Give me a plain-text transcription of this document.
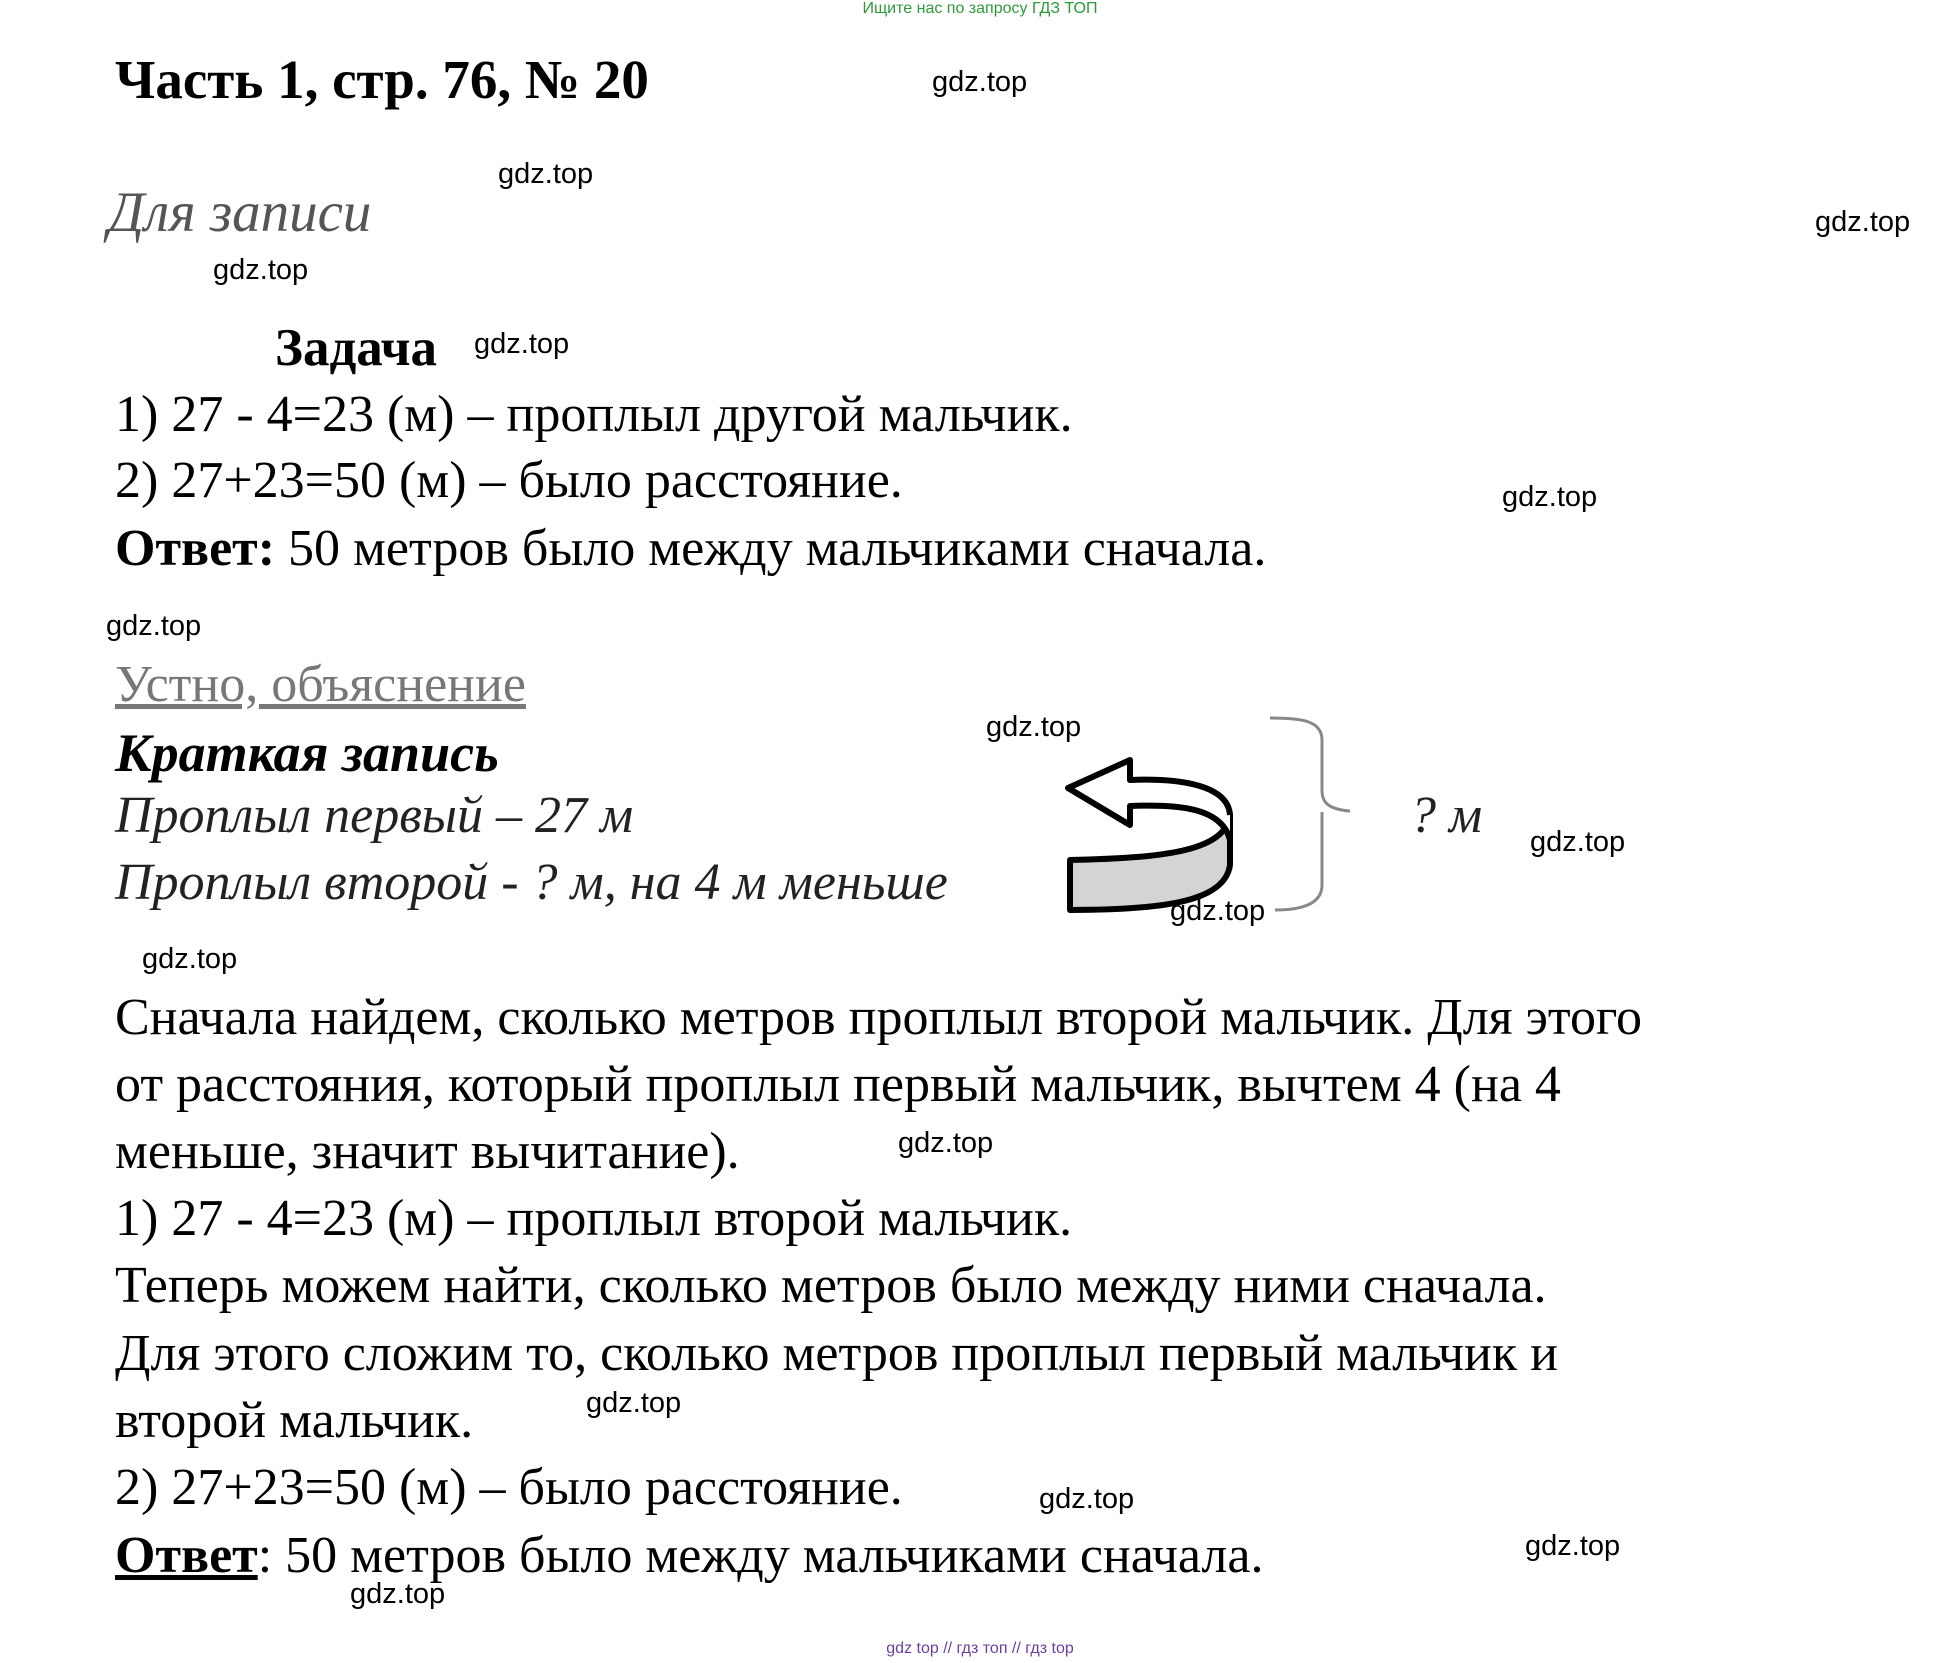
Ищите нас по запросу ГДЗ ТОП
Часть 1, стр. 76, № 20
Для записи
Задача
1) 27 - 4=23 (м) – проплыл другой мальчик.
2) 27+23=50 (м) – было расстояние.
Ответ: 50 метров было между мальчиками сначала.
Устно, объяснение
Краткая запись
Проплыл первый – 27 м
Проплыл второй - ? м, на 4 м меньше
? м
Сначала найдем, сколько метров проплыл второй мальчик. Для этого
от расстояния, который проплыл первый мальчик, вычтем 4 (на 4
меньше, значит вычитание).
1) 27 - 4=23 (м) – проплыл второй мальчик.
Теперь можем найти, сколько метров было между ними сначала.
Для этого сложим то, сколько метров проплыл первый мальчик и
второй мальчик.
2) 27+23=50 (м) – было расстояние.
Ответ: 50 метров было между мальчиками сначала.
gdz.top
gdz.top
gdz.top
gdz.top
gdz.top
gdz.top
gdz.top
gdz.top
gdz.top
gdz.top
gdz.top
gdz.top
gdz.top
gdz.top
gdz.top
gdz.top
gdz top // гдз топ // гдз top
